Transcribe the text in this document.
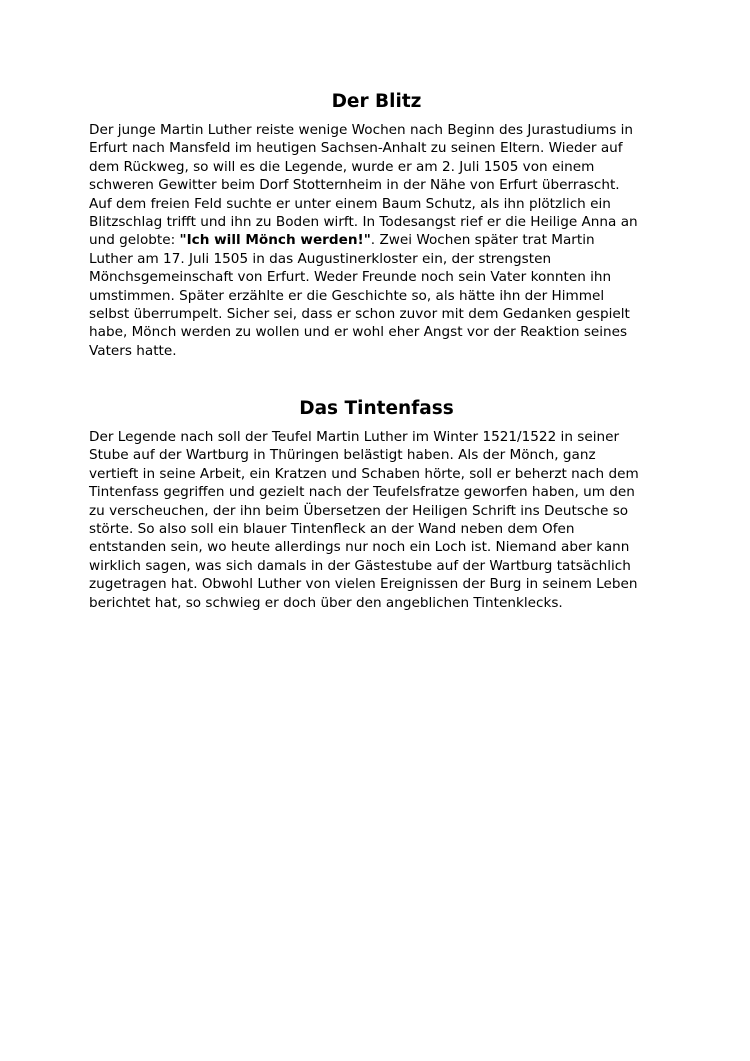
Der Blitz

Der junge Martin Luther reiste wenige Wochen nach Beginn des Jurastudiums in
Erfurt nach Mansfeld im heutigen Sachsen-Anhalt zu seinen Eltern. Wieder auf
dem Rückweg, so will es die Legende, wurde er am 2. Juli 1505 von einem
schweren Gewitter beim Dorf Stotternheim in der Nähe von Erfurt überrascht.
Auf dem freien Feld suchte er unter einem Baum Schutz, als ihn plötzlich ein
Blitzschlag trifft und ihn zu Boden wirft. In Todesangst rief er die Heilige Anna an
und gelobte: "Ich will Mönch werden!". Zwei Wochen später trat Martin
Luther am 17. Juli 1505 in das Augustinerkloster ein, der strengsten
Mönchsgemeinschaft von Erfurt. Weder Freunde noch sein Vater konnten ihn
umstimmen. Später erzählte er die Geschichte so, als hätte ihn der Himmel
selbst überrumpelt. Sicher sei, dass er schon zuvor mit dem Gedanken gespielt
habe, Mönch werden zu wollen und er wohl eher Angst vor der Reaktion seines
Vaters hatte.

Das Tintenfass

Der Legende nach soll der Teufel Martin Luther im Winter 1521/1522 in seiner
Stube auf der Wartburg in Thüringen belästigt haben. Als der Mönch, ganz
vertieft in seine Arbeit, ein Kratzen und Schaben hörte, soll er beherzt nach dem
Tintenfass gegriffen und gezielt nach der Teufelsfratze geworfen haben, um den
zu verscheuchen, der ihn beim Übersetzen der Heiligen Schrift ins Deutsche so
störte. So also soll ein blauer Tintenfleck an der Wand neben dem Ofen
entstanden sein, wo heute allerdings nur noch ein Loch ist. Niemand aber kann
wirklich sagen, was sich damals in der Gästestube auf der Wartburg tatsächlich
zugetragen hat. Obwohl Luther von vielen Ereignissen der Burg in seinem Leben
berichtet hat, so schwieg er doch über den angeblichen Tintenklecks.
